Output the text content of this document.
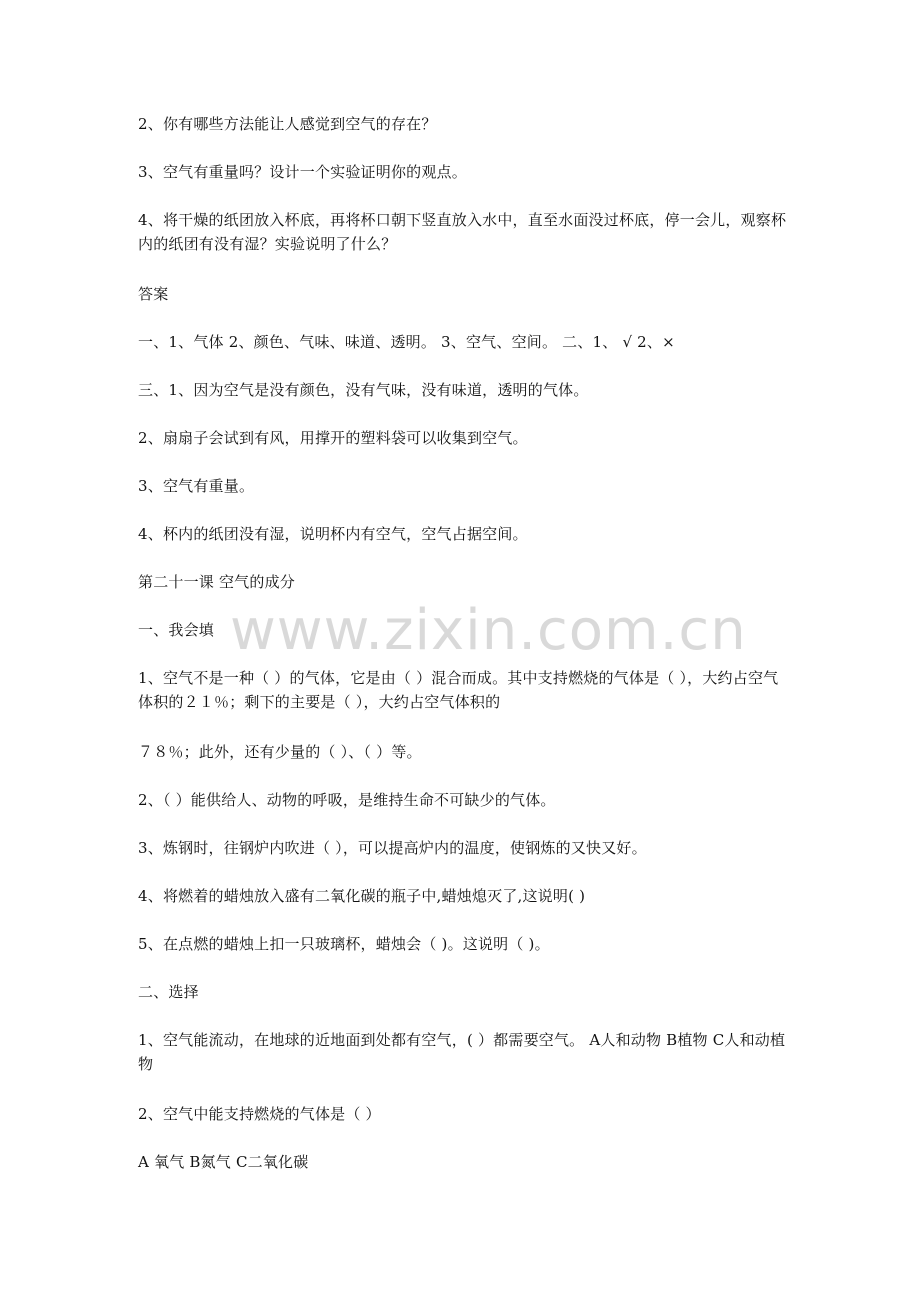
www.zixin.com.cn

2、你有哪些方法能让人感觉到空气的存在？

3、空气有重量吗？设计一个实验证明你的观点。

4、将干燥的纸团放入杯底，再将杯口朝下竖直放入水中，直至水面没过杯底，停一会儿，观察杯内的纸团有没有湿？实验说明了什么？

答案

一、1、气体 2、颜色、气味、味道、透明。 3、空气、空间。 二、1、 √ 2、×

三、1、因为空气是没有颜色，没有气味，没有味道，透明的气体。

2、扇扇子会试到有风，用撑开的塑料袋可以收集到空气。

3、空气有重量。

4、杯内的纸团没有湿，说明杯内有空气，空气占据空间。

第二十一课 空气的成分

一、我会填

1、空气不是一种（ ）的气体，它是由（ ）混合而成。其中支持燃烧的气体是（ ），大约占空气体积的２１％；剩下的主要是（ ），大约占空气体积的

７８％；此外，还有少量的（ ）、（ ）等。

2、（ ）能供给人、动物的呼吸，是维持生命不可缺少的气体。

3、炼钢时，往钢炉内吹进（ ），可以提高炉内的温度，使钢炼的又快又好。

4、将燃着的蜡烛放入盛有二氧化碳的瓶子中,蜡烛熄灭了,这说明( )

5、在点燃的蜡烛上扣一只玻璃杯，蜡烛会（ )。这说明（ )。

二、选择

1、空气能流动，在地球的近地面到处都有空气，( ）都需要空气。 A人和动物 B植物 C人和动植物

2、空气中能支持燃烧的气体是（ ）

A 氧气 B氮气 C二氧化碳
